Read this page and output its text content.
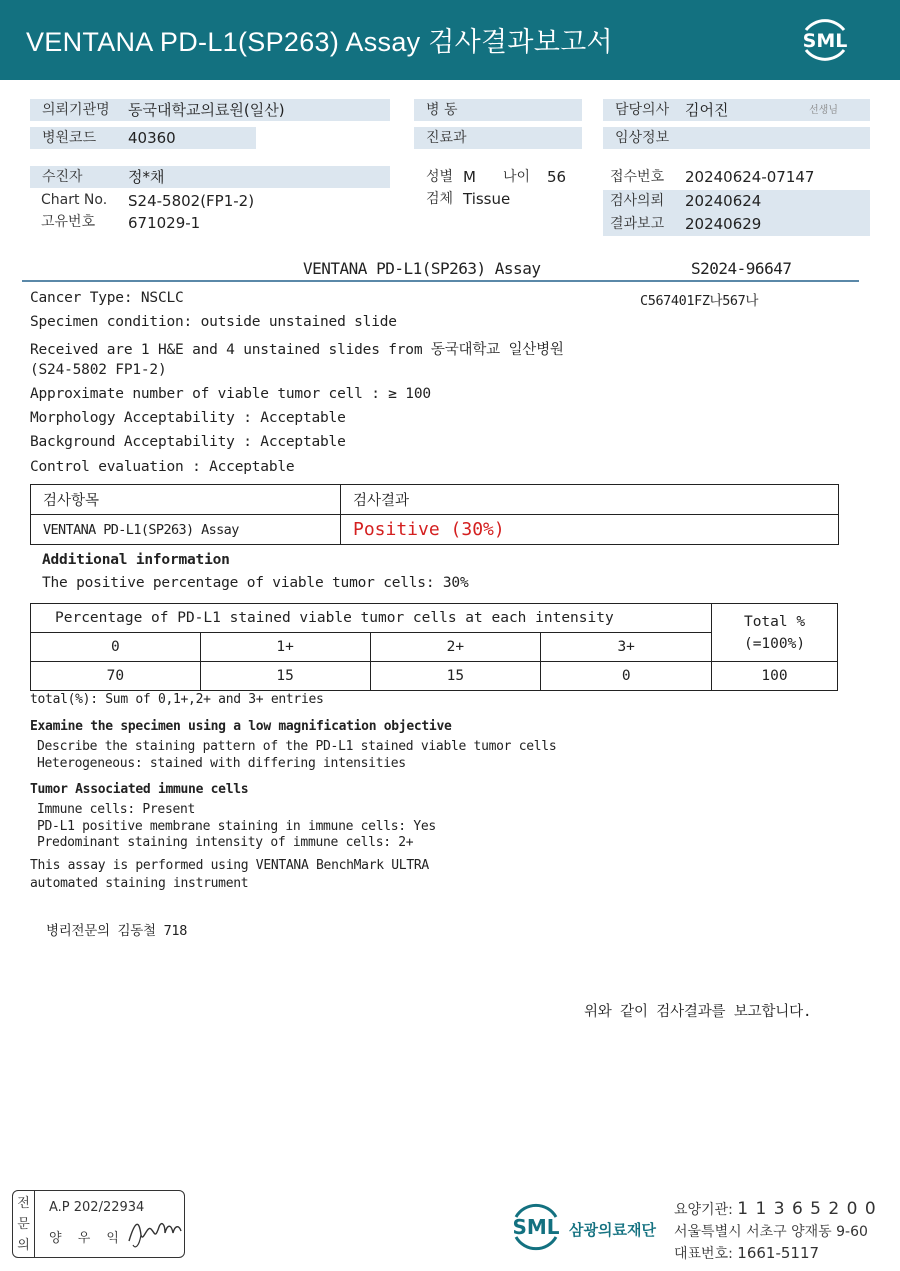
VENTANA PD-L1(SP263) Assay 검사결과보고서	SML
의뢰기관명	동국대학교의료원(일산)
병원코드	40360
수진자	정*채
Chart No. S24-5802(FP1-2)
고유번호 671029-1
병 동
진료과
성별 M 나이 56
검체 Tissue
담당의사	김어진	선생님
임상정보
접수번호 20240624-07147
검사의뢰 20240624
결과보고 20240629
VENTANA PD-L1(SP263) Assay	S2024-96647
C567401FZ나567나
Cancer Type: NSCLC
Specimen condition: outside unstained slide
Received are 1 H&E and 4 unstained slides from 동국대학교 일산병원
(S24-5802 FP1-2)
Approximate number of viable tumor cell : ≥ 100
Morphology Acceptability : Acceptable
Background Acceptability : Acceptable
Control evaluation : Acceptable
검사항목	검사결과
VENTANA PD-L1(SP263) Assay	Positive (30%)
Additional information
The positive percentage of viable tumor cells: 30%
Percentage of PD-L1 stained viable tumor cells at each intensity				Total %
(=100%)

0	1+	2+	3+	
70	15	15	0	100
total(%): Sum of 0,1+,2+ and 3+ entries
Examine the specimen using a low magnification objective
Describe the staining pattern of the PD-L1 stained viable tumor cells
Heterogeneous: stained with differing intensities
Tumor Associated immune cells
Immune cells: Present
PD-L1 positive membrane staining in immune cells: Yes
Predominant staining intensity of immune cells: 2+
This assay is performed using VENTANA BenchMark ULTRA
automated staining instrument
병리전문의 김동철 718
위와 같이 검사결과를 보고합니다.
전
문
의
A.P 202/22934
양 우 익	SML 삼광의료재단
요양기관: 1 1 3 6 5 2 0 0
서울특별시 서초구 양재동 9-60
대표번호: 1661-5117
